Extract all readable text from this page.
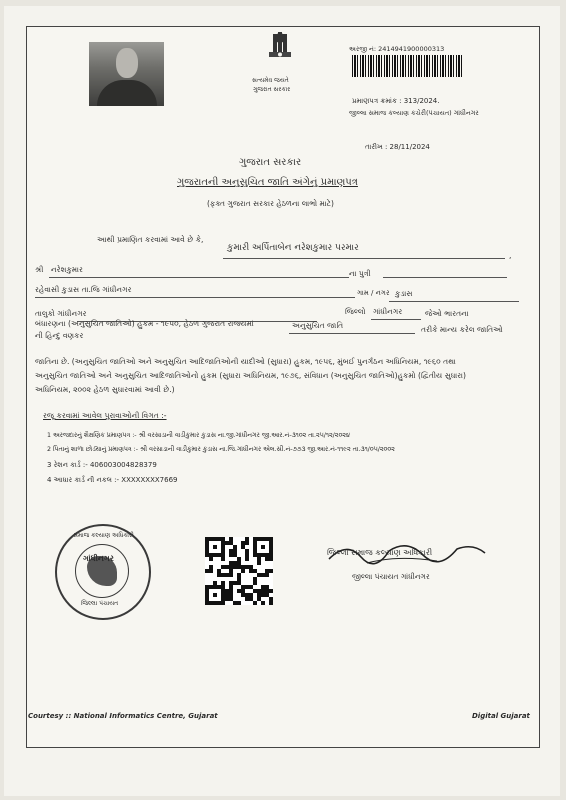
સત્યમેવ જયતે
ગુજરાત સરકાર
અરજી નં: 2414941900000313
પ્રમાણપત્ર ક્રમાંક : 313/2024.
જીલ્લા સમાજ કલ્યાણ કચેરી(પંચાયત) ગાંધીનગર
તારીખ : 28/11/2024
ગુજરાત સરકાર
ગુજરાતની અનુસુચિત જાતિ અંગેનું પ્રમાણપત્ર
(ફક્ત ગુજરાત સરકાર હેઠળના લાભો માટે)
આથી પ્રમાણિત કરવામાં આવે છે કે,
કુમારી અર્પિતાબેન નરેશકુમાર પરમાર
,
શ્રી નરેશકુમાર	ના પુત્રી
રહેવાસી કુડાસ તા.જિ ગાંધીનગર	ગામ / નગર કુડાસ
તાલુકો ગાંધીનગર	જિલ્લો ગાંધીનગર	જેઓ ભારતના
બંધારણના (અનુસુચિત જાતિઓ) હુકમ - ૧૯૫૦, હેઠળ ગુજરાત રાજ્યમાં	અનુસુચિત જાતિ	તરીકે માન્ય કરેલ જાતિઓ
ની હિન્દુ વણકર
જાતિના છે. (અનુસુચિત જાતિઓ અને અનુસુચિત આદિજાતિઓની યાદીઓ (સુધારા) હુકમ, ૧૯૫૬, મુંબઈ પુનર્ગઠન અધિનિયમ, ૧૯૬૦ તથા
અનુસુચિત જાતિઓ અને અનુસુચિત આદિજાતિઓનો હુકમ (સુધારા અધિનિયમ, ૧૯૭૬, સંવિધાન (અનુસુચિત જાતિઓ)હુકમો (દ્વિતીય સુધારા)
અધિનિયમ, ૨૦૦૨ હેઠળ સુધારવામાં આવી છે.)
રજૂ કરવામાં આવેલ પુરાવાઓની વિગત :-
1 અરજદારનું શૈક્ષણિક પ્રમાણપત્ર :- શ્રી વરસાડાની વાડીકુમાર કુડાસ ના.જી.ગાંધીનગર જી.આર.નં-૩૧૦૨ તા.૨૫/૧૨/૨૦૨૪
2 પિતાનું શાળા છોડ્યાનું પ્રમાણપત્ર :- શ્રી વરસાડાની વાડીકુમાર કુડાસ ના.જિ.ગાંધીનગર એલ.સી.નં-૭૭૩ જી.આર.નં-૧૧૯૨ તા.૩૧/૦૫/૨૦૦૨
3 રેશન કાર્ડ :- 406003004828379
4 આધાર કાર્ડ ની નકલ :- XXXXXXXX7669
સમાજ કલ્યાણ અધિકારી
ગાંધીનગર
જિલ્લા પંચાયત
જિલ્લા સમાજ કલ્યાણ અધિકારી
જીલ્લા પંચાયત ગાંધીનગર
Courtesy :: National Informatics Centre, Gujarat	Digital Gujarat
